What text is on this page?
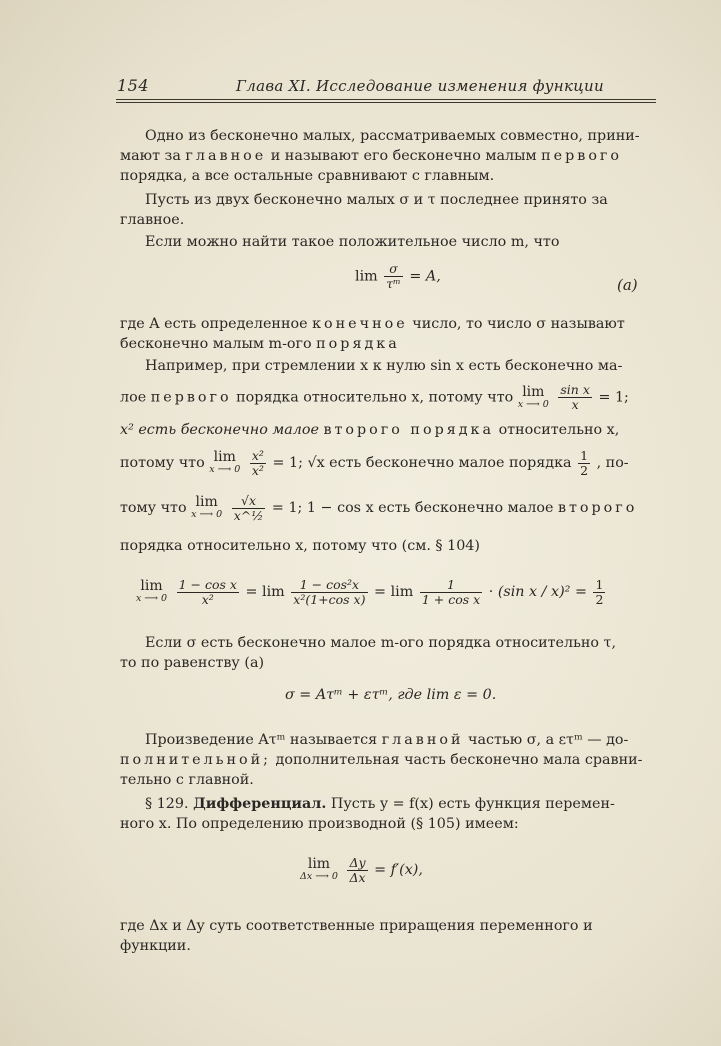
154	Глава XI. Исследование изменения функции
Одно из бесконечно малых, рассматриваемых совместно, прини-
мают за главное и называют его бесконечно малым первого
порядка, а все остальные сравнивают с главным.
Пусть из двух бесконечно малых σ и τ последнее принято за
главное.
Если можно найти такое положительное число m, что
$\lim \frac{\sigma}{\text{τᵐ}} = A$,	(a)
где A есть определенное конечное число, то число σ называют
бесконечно малым m-ого порядка
Например, при стремлении x к нулю sin x есть бесконечно ма-
лое первого порядка относительно x, потому что lim
x ⟶ 0
$\frac{\text{sin x}}{x} = 1$;
x² есть бесконечно малое второго порядка относительно x,
потому что lim
x ⟶ 0
$\frac{\text{x²}}{\text{x²}} = 1$; √x есть бесконечно малое порядка $\frac{1}{2}$ , по-
тому что lim
x ⟶ 0
$\frac{√x}{\text{x\textasciicircum{}½}} = 1$; 1 − cos x есть бесконечно малое второго
порядка относительно x, потому что (см. § 104)
lim
x ⟶ 0
$\frac{\text{1 − cos x}}{\text{x²}} = \lim \frac{\text{1 − cos²x}}{\text{x²(1+cos x)}} = \lim \frac{1}{\text{1 + cos x}} \cdot (\sin$ $x / x)^2 = \frac{1}{2}$
Если σ есть бесконечно малое m-ого порядка относительно τ,
то по равенству (a)
σ = Aτᵐ + ετᵐ, где lim ε = 0.
Произведение Aτᵐ называется главной частью σ, а ετᵐ — до-
полнительной; дополнительная часть бесконечно мала сравни-
тельно с главной.
§ 129. Дифференциал. Пусть y = f(x) есть функция перемен-
ного x. По определению производной (§ 105) имеем:
lim
Δx ⟶ 0
$\frac{\Delta y}{\Delta x} = f'(x)$,
где Δx и Δy суть соответственные приращения переменного и
функции.
